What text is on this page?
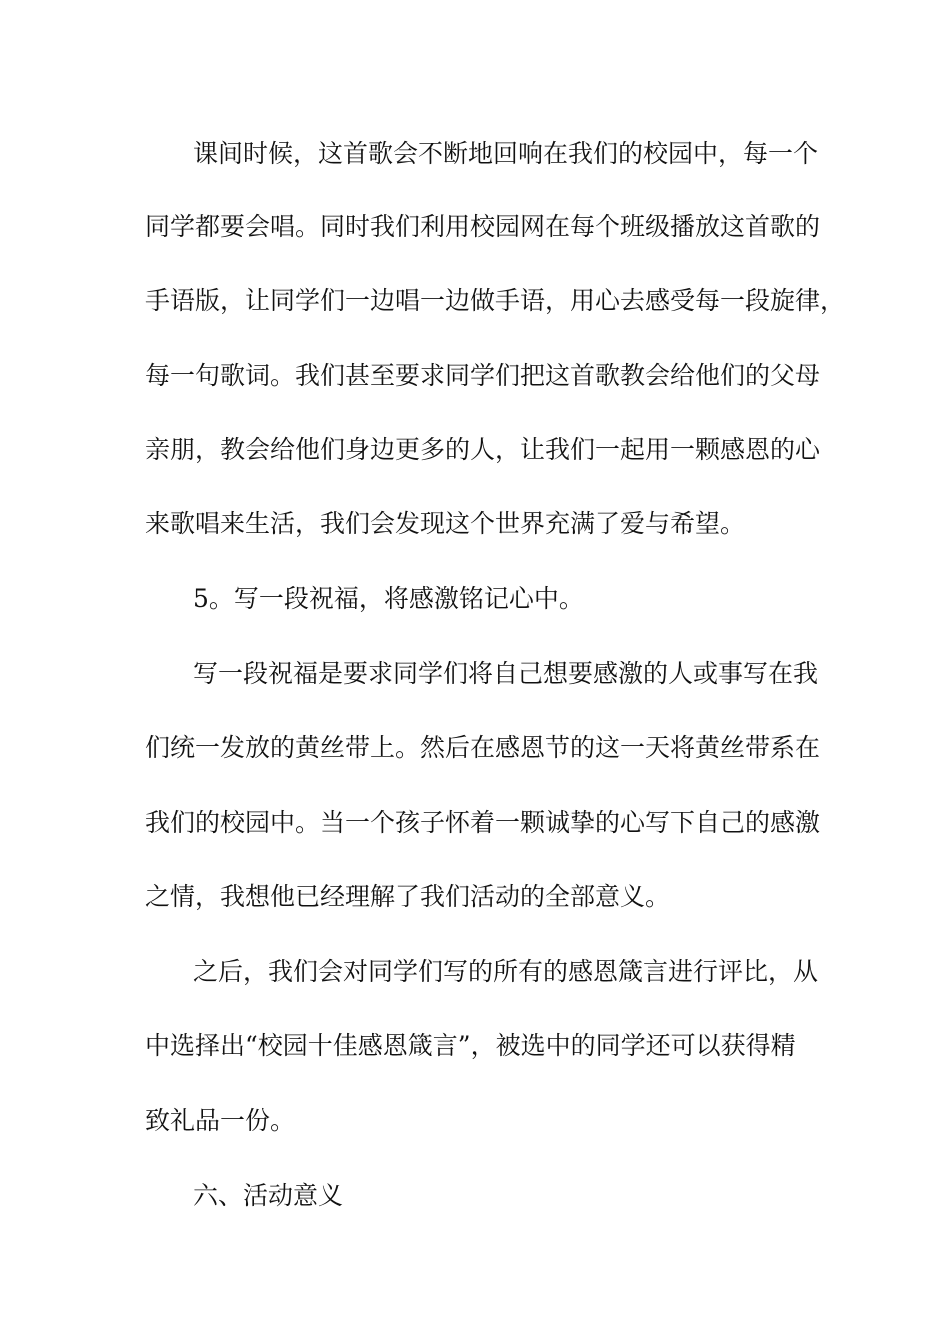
课间时候，这首歌会不断地回响在我们的校园中，每一个
同学都要会唱。同时我们利用校园网在每个班级播放这首歌的
手语版，让同学们一边唱一边做手语，用心去感受每一段旋律，
每一句歌词。我们甚至要求同学们把这首歌教会给他们的父母
亲朋，教会给他们身边更多的人，让我们一起用一颗感恩的心
来歌唱来生活，我们会发现这个世界充满了爱与希望。
5。写一段祝福，将感激铭记心中。
写一段祝福是要求同学们将自己想要感激的人或事写在我
们统一发放的黄丝带上。然后在感恩节的这一天将黄丝带系在
我们的校园中。当一个孩子怀着一颗诚挚的心写下自己的感激
之情，我想他已经理解了我们活动的全部意义。
之后，我们会对同学们写的所有的感恩箴言进行评比，从
中选择出“校园十佳感恩箴言”，被选中的同学还可以获得精
致礼品一份。
六、活动意义
